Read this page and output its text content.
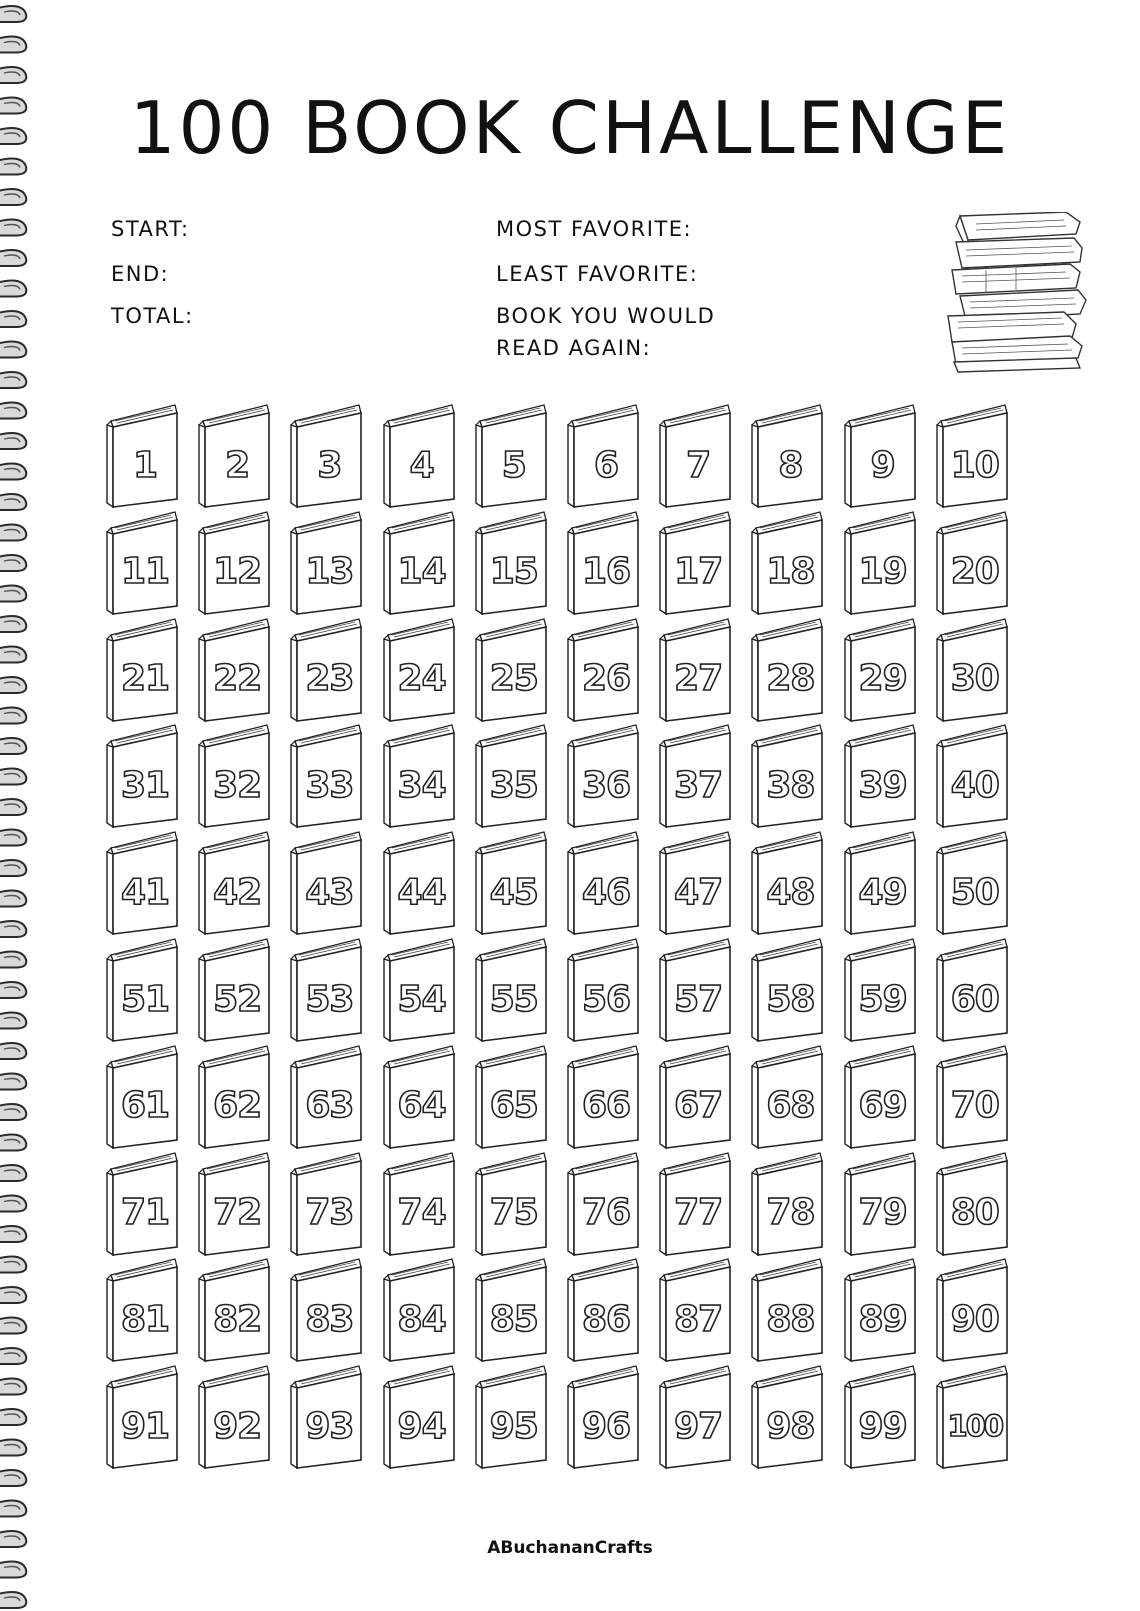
100 BOOK CHALLENGE
START:
END:
TOTAL:
MOST FAVORITE:
LEAST FAVORITE:
BOOK YOU WOULD
READ AGAIN:
1	2	3	4	5	6	7	8	9	10
11 12 13 14 15 16 17 18 19 20
21 22 23 24 25 26 27 28 29 30
31 32 33 34 35 36 37 38 39 40
41 42 43 44 45 46 47 48 49 50
51 52 53 54 55 56 57 58 59 60
61 62 63 64 65 66 67 68 69 70
71 72 73 74 75 76 77 78 79 80
81 82 83 84 85 86 87 88 89 90
91 92 93 94 95 96 97 98 99	100
ABuchananCrafts
